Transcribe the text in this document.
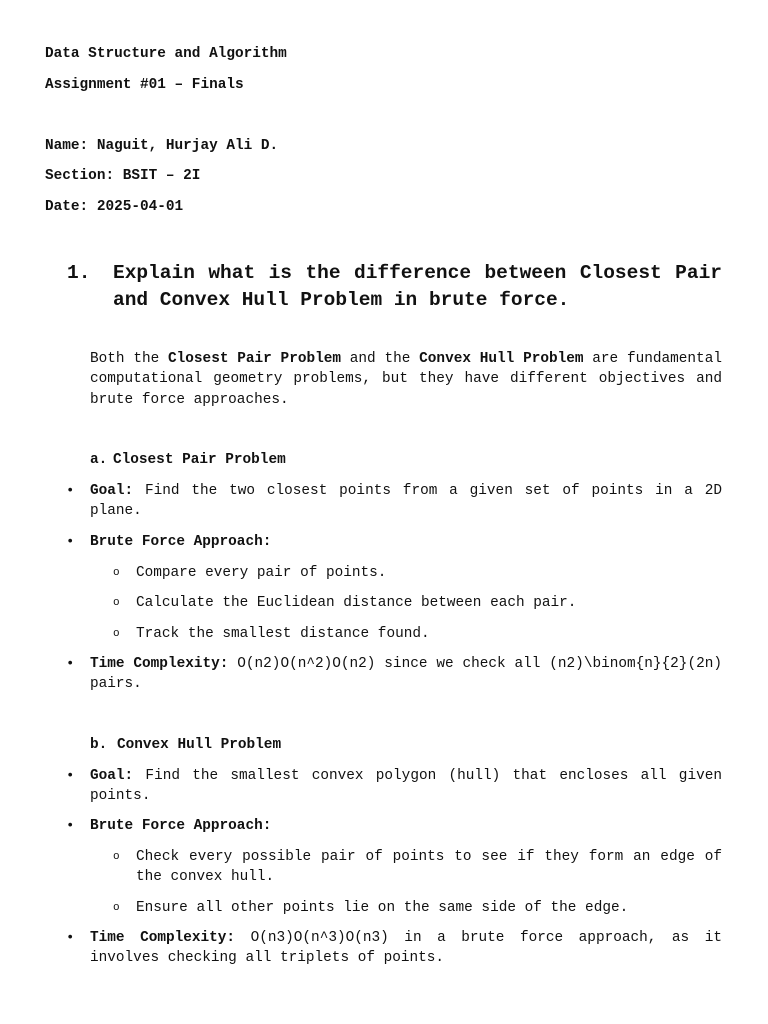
Data Structure and Algorithm
Assignment #01 – Finals
Name: Naguit, Hurjay Ali D.
Section: BSIT – 2I
Date: 2025-04-01
1. Explain what is the difference between Closest Pair and Convex Hull Problem in brute force.
Both the Closest Pair Problem and the Convex Hull Problem are fundamental computational geometry problems, but they have different objectives and brute force approaches.
a. Closest Pair Problem
• Goal: Find the two closest points from a given set of points in a 2D plane.
• Brute Force Approach:
o Compare every pair of points.
o Calculate the Euclidean distance between each pair.
o Track the smallest distance found.
• Time Complexity: O(n2)O(n^2)O(n2) since we check all (n2)\binom{n}{2}(2n) pairs.
b. Convex Hull Problem
• Goal: Find the smallest convex polygon (hull) that encloses all given points.
• Brute Force Approach:
o Check every possible pair of points to see if they form an edge of the convex hull.
o Ensure all other points lie on the same side of the edge.
• Time Complexity: O(n3)O(n^3)O(n3) in a brute force approach, as it involves checking all triplets of points.
